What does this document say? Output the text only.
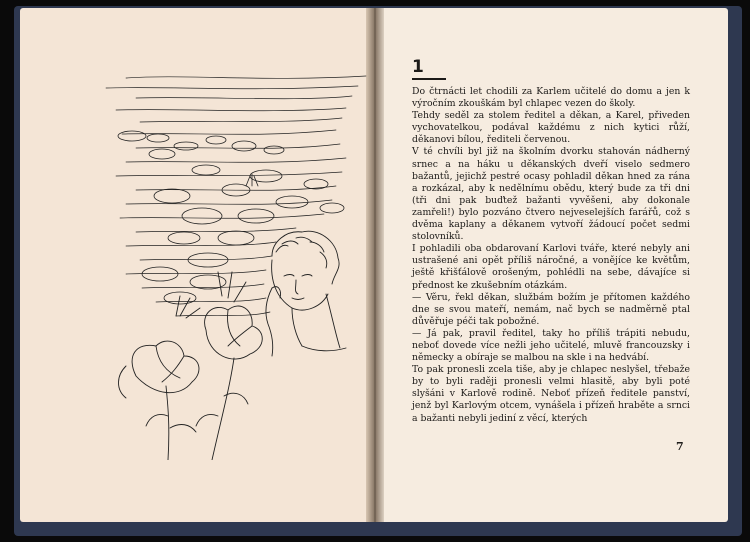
1

Do čtrnácti let chodili za Karlem učitelé do domu a jen k výročním zkouškám byl chlapec vezen do školy.

Tehdy seděl za stolem ředitel a děkan, a Karel, přiveden vychovatelkou, podával každému z nich kytici růží, děkanovi bílou, řediteli červenou.

V té chvíli byl již na školním dvorku stahován nádherný srnec a na háku u děkanských dveří viselo sedmero bažantů, jejichž pestré ocasy pohladil děkan hned za rána a rozkázal, aby k nedělnímu obědu, který bude za tři dni (tři dni pak buďtež bažanti vyvěšeni, aby dokonale zamřeli!) bylo pozváno čtvero nejveselejších farářů, což s dvěma kaplany a děkanem vytvoří žádoucí počet sedmi stolovníků.

I pohladili oba obdarovaní Karlovi tváře, které nebyly ani ustrašené ani opět příliš náročné, a vonějíce ke květům, ještě křišťálově orošeným, pohlédli na sebe, dávajíce si přednost ke zkušebním otázkám.

— Věru, řekl děkan, službám božím je přítomen každého dne se svou mateří, nemám, nač bych se nadměrně ptal důvěřuje péči tak pobožné.

— Já pak, pravil ředitel, taky ho příliš trápiti nebudu, neboť dovede více nežli jeho učitelé, mluvě francouzsky i německy a obíraje se malbou na skle i na hedvábí.

To pak pronesli zcela tiše, aby je chlapec neslyšel, třebaže by to byli raději pronesli velmi hlasitě, aby byli poté slyšáni v Karlově rodině. Neboť přízeň ředitele panství, jenž byl Karlovým otcem, vynášela i přízeň hraběte a srnci a bažanti nebyli jediní z věcí, kterých

7
